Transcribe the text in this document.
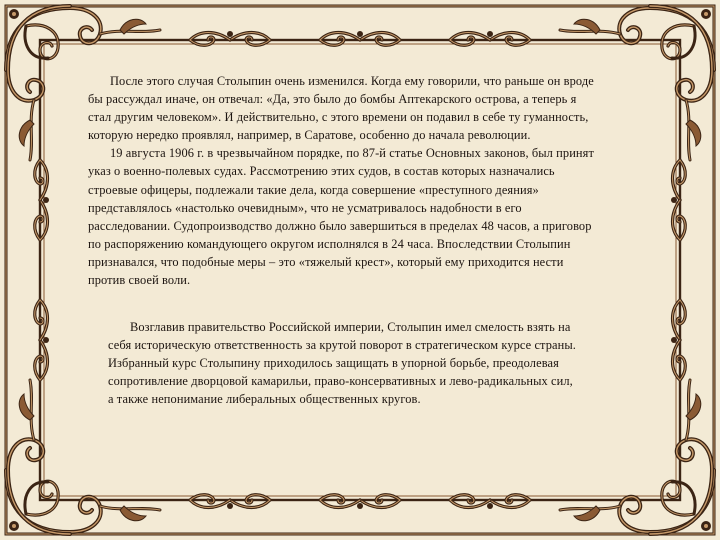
После этого случая Столыпин очень изменился. Когда ему говорили, что раньше он вроде бы рассуждал иначе, он отвечал: «Да, это было до бомбы Аптекарского острова, а теперь я стал другим человеком». И действительно, с этого времени он подавил в себе ту гуманность, которую нередко проявлял, например, в Саратове, особенно до начала революции.

19 августа 1906 г. в чрезвычайном порядке, по 87-й статье Основных законов, был принят указ о военно-полевых судах. Рассмотрению этих судов, в состав которых назначались строевые офицеры, подлежали такие дела, когда совершение «преступного деяния» представлялось «настолько очевидным», что не усматривалось надобности в его расследовании. Судопроизводство должно было завершиться в пределах 48 часов, а приговор по распоряжению командующего округом исполнялся в 24 часа. Впоследствии Столыпин признавался, что подобные меры – это «тяжелый крест», который ему приходится нести против своей воли.

Возглавив правительство Российской империи, Столыпин имел смелость взять на себя историческую ответственность за крутой поворот в стратегическом курсе страны. Избранный курс Столыпину приходилось защищать в упорной борьбе, преодолевая сопротивление дворцовой камарильи, право-консервативных и лево-радикальных сил, а также непонимание либеральных общественных кругов.
